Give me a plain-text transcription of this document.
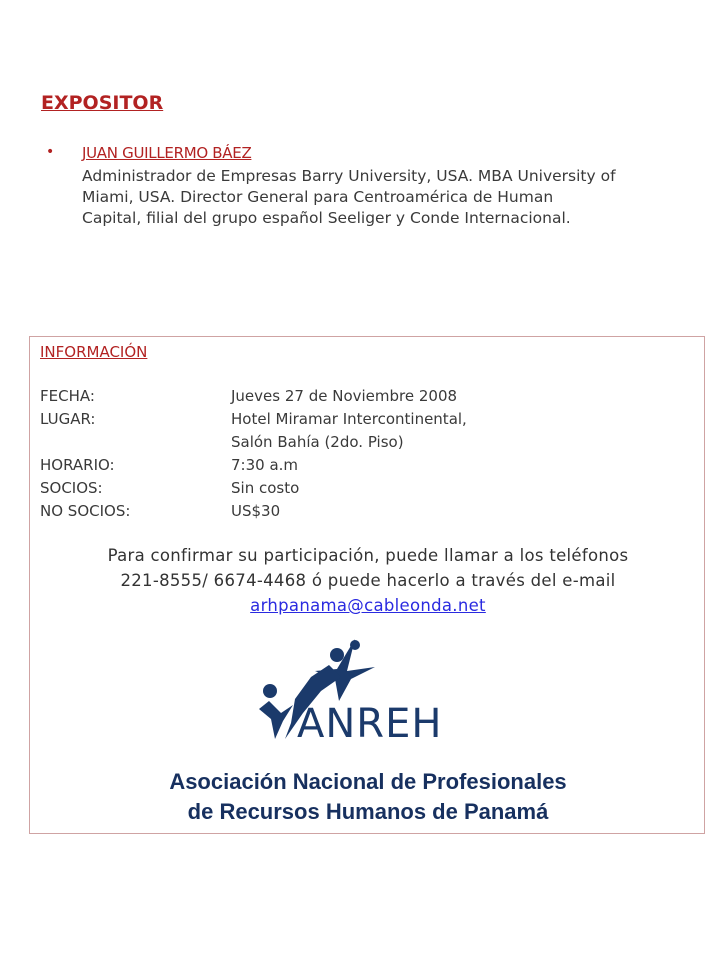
EXPOSITOR
• JUAN GUILLERMO BÁEZ
Administrador de Empresas Barry University, USA. MBA University of
Miami, USA. Director General para Centroamérica de Human
Capital, filial del grupo español Seeliger y Conde Internacional.
INFORMACIÓN
FECHA:	Jueves 27 de Noviembre 2008
LUGAR:	Hotel Miramar Intercontinental,
Salón Bahía (2do. Piso)
HORARIO:	7:30 a.m
SOCIOS:	Sin costo
NO SOCIOS:	US$30
Para confirmar su participación, puede llamar a los teléfonos
221-8555/ 6674-4468 ó puede hacerlo a través del e-mail
arhpanama@cableonda.net
ANREH
Asociación Nacional de Profesionales
de Recursos Humanos de Panamá
